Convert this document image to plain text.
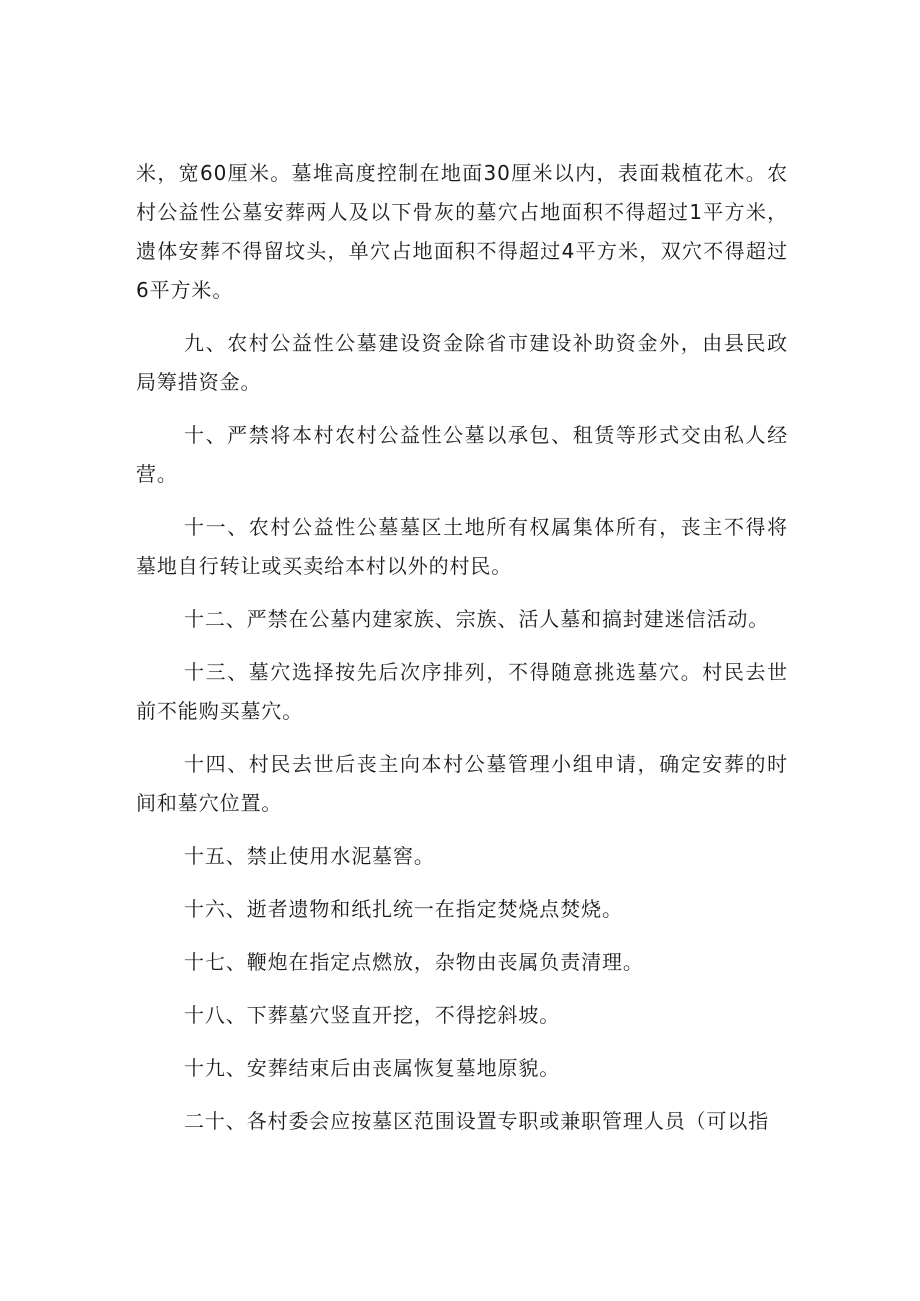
米，宽60厘米。墓堆高度控制在地面30厘米以内，表面栽植花木。农村公益性公墓安葬两人及以下骨灰的墓穴占地面积不得超过1平方米，遗体安葬不得留坟头，单穴占地面积不得超过4平方米，双穴不得超过6平方米。

九、农村公益性公墓建设资金除省市建设补助资金外，由县民政局筹措资金。

十、严禁将本村农村公益性公墓以承包、租赁等形式交由私人经营。

十一、农村公益性公墓墓区土地所有权属集体所有，丧主不得将墓地自行转让或买卖给本村以外的村民。

十二、严禁在公墓内建家族、宗族、活人墓和搞封建迷信活动。

十三、墓穴选择按先后次序排列，不得随意挑选墓穴。村民去世前不能购买墓穴。

十四、村民去世后丧主向本村公墓管理小组申请，确定安葬的时间和墓穴位置。

十五、禁止使用水泥墓窖。

十六、逝者遗物和纸扎统一在指定焚烧点焚烧。

十七、鞭炮在指定点燃放，杂物由丧属负责清理。

十八、下葬墓穴竖直开挖，不得挖斜坡。

十九、安葬结束后由丧属恢复墓地原貌。

二十、各村委会应按墓区范围设置专职或兼职管理人员（可以指
